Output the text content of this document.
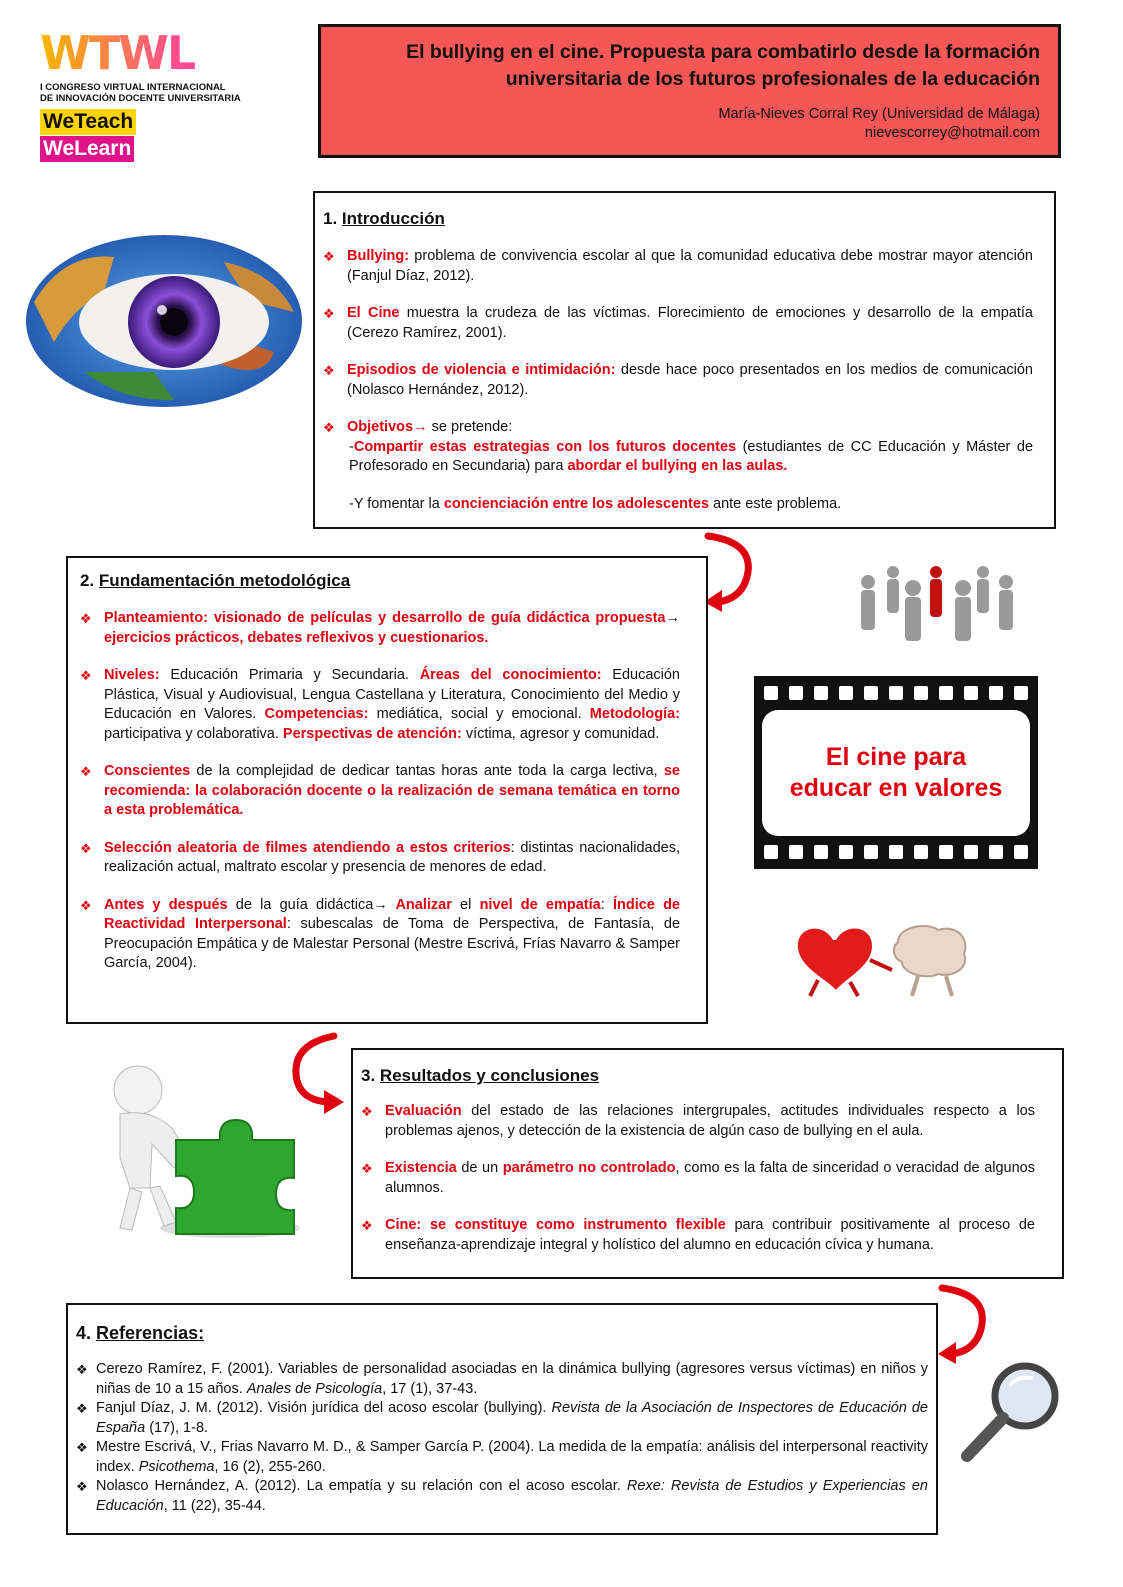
WTWL
I CONGRESO VIRTUAL INTERNACIONAL
DE INNOVACIÓN DOCENTE UNIVERSITARIA
WeTeach
WeLearn
El bullying en el cine. Propuesta para combatirlo desde la formación
universitaria de los futuros profesionales de la educación
María-Nieves Corral Rey (Universidad de Málaga)
nievescorrey@hotmail.com
1. Introducción
❖ Bullying: problema de convivencia escolar al que la comunidad educativa debe mostrar mayor atención (Fanjul Díaz, 2012).
❖ El Cine muestra la crudeza de las víctimas. Florecimiento de emociones y desarrollo de la empatía (Cerezo Ramírez, 2001).
❖ Episodios de violencia e intimidación: desde hace poco presentados en los medios de comunicación (Nolasco Hernández, 2012).
❖ Objetivos→ se pretende:
-Compartir estas estrategias con los futuros docentes (estudiantes de CC Educación y Máster de Profesorado en Secundaria) para abordar el bullying en las aulas.
-Y fomentar la concienciación entre los adolescentes ante este problema.
2. Fundamentación metodológica
❖ Planteamiento: visionado de películas y desarrollo de guía didáctica propuesta→ ejercicios prácticos, debates reflexivos y cuestionarios.
❖ Niveles: Educación Primaria y Secundaria. Áreas del conocimiento: Educación Plástica, Visual y Audiovisual, Lengua Castellana y Literatura, Conocimiento del Medio y Educación en Valores. Competencias: mediática, social y emocional. Metodología: participativa y colaborativa. Perspectivas de atención: víctima, agresor y comunidad.
❖ Conscientes de la complejidad de dedicar tantas horas ante toda la carga lectiva, se recomienda: la colaboración docente o la realización de semana temática en torno a esta problemática.
❖ Selección aleatoria de filmes atendiendo a estos criterios: distintas nacionalidades, realización actual, maltrato escolar y presencia de menores de edad.
❖ Antes y después de la guía didáctica→ Analizar el nivel de empatía: Índice de Reactividad Interpersonal: subescalas de Toma de Perspectiva, de Fantasía, de Preocupación Empática y de Malestar Personal (Mestre Escrivá, Frías Navarro & Samper García, 2004).
El cine para
educar en valores
3. Resultados y conclusiones
❖ Evaluación del estado de las relaciones intergrupales, actitudes individuales respecto a los problemas ajenos, y detección de la existencia de algún caso de bullying en el aula.
❖ Existencia de un parámetro no controlado, como es la falta de sinceridad o veracidad de algunos alumnos.
❖ Cine: se constituye como instrumento flexible para contribuir positivamente al proceso de enseñanza-aprendizaje integral y holístico del alumno en educación cívica y humana.
4. Referencias:
❖ Cerezo Ramírez, F. (2001). Variables de personalidad asociadas en la dinámica bullying (agresores versus víctimas) en niños y niñas de 10 a 15 años. Anales de Psicología, 17 (1), 37-43.
❖ Fanjul Díaz, J. M. (2012). Visión jurídica del acoso escolar (bullying). Revista de la Asociación de Inspectores de Educación de España (17), 1-8.
❖ Mestre Escrivá, V., Frias Navarro M. D., & Samper García P. (2004). La medida de la empatía: análisis del interpersonal reactivity index. Psicothema, 16 (2), 255-260.
❖ Nolasco Hernández, A. (2012). La empatía y su relación con el acoso escolar. Rexe: Revista de Estudios y Experiencias en Educación, 11 (22), 35-44.
